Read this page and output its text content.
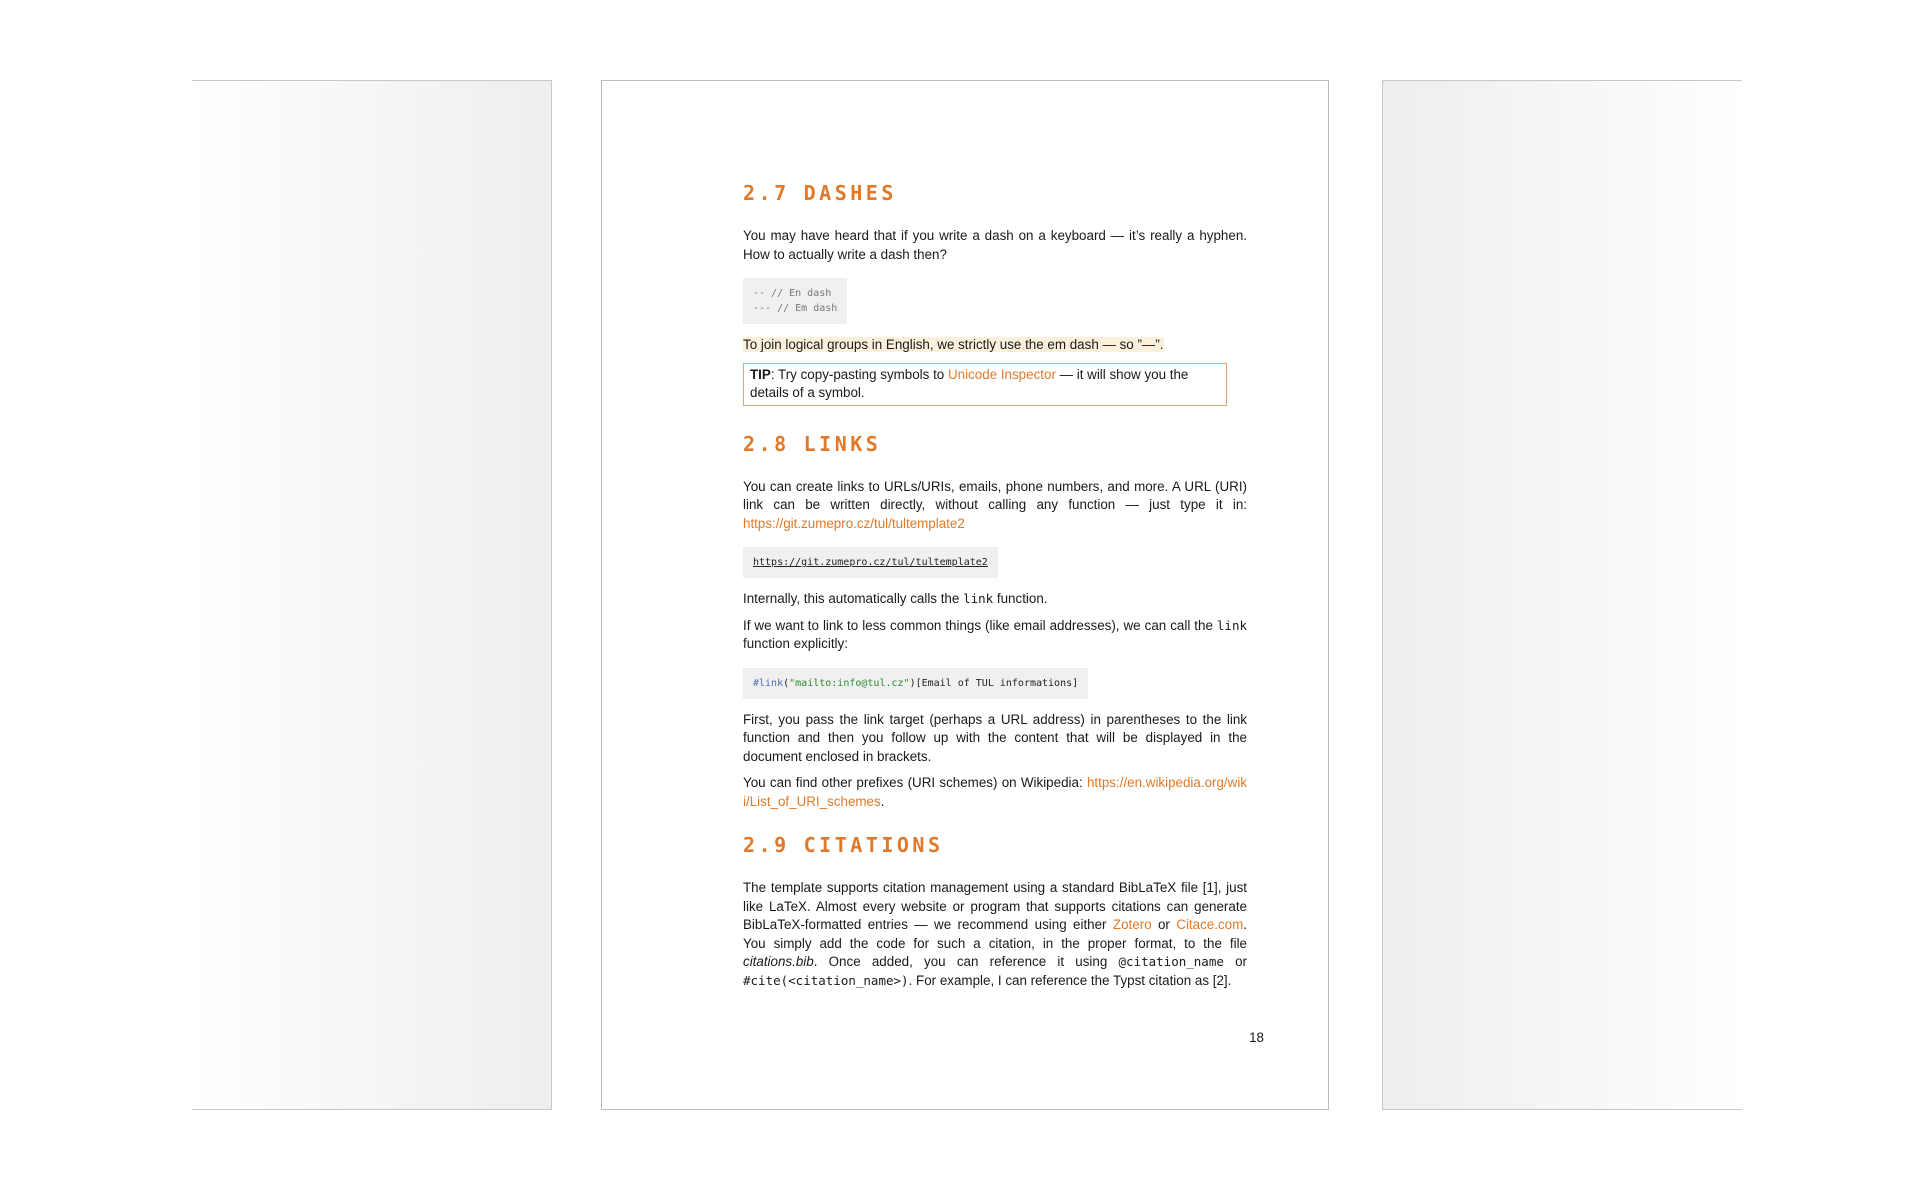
2.7 DASHES

You may have heard that if you write a dash on a keyboard — it’s really a hyphen. How to actually write a dash then?

-- // En dash
--- // Em dash

To join logical groups in English, we strictly use the em dash — so ”—”.

TIP: Try copy-pasting symbols to Unicode Inspector — it will show you the details of a symbol.
2.8 LINKS

You can create links to URLs/URIs, emails, phone numbers, and more. A URL (URI) link can be written directly, without calling any function — just type it in: https://git.zumepro.cz/tul/tultemplate2

https://git.zumepro.cz/tul/tultemplate2

Internally, this automatically calls the link function.

If we want to link to less common things (like email addresses), we can call the link function explicitly:

#link("mailto:info@tul.cz")[Email of TUL informations]

First, you pass the link target (perhaps a URL address) in parentheses to the link function and then you follow up with the content that will be displayed in the document enclosed in brackets.

You can find other prefixes (URI schemes) on Wikipedia: https://en.wikipedia.org/wiki/List_of_URI_schemes.

2.9 CITATIONS

The template supports citation management using a standard BibLaTeX file [1], just like LaTeX. Almost every website or program that supports citations can generate BibLaTeX-formatted entries — we recommend using either Zotero or Citace.com. You simply add the code for such a citation, in the proper format, to the file citations.bib. Once added, you can reference it using @citation_name or #cite(<citation_name>). For example, I can reference the Typst citation as [2].

18
